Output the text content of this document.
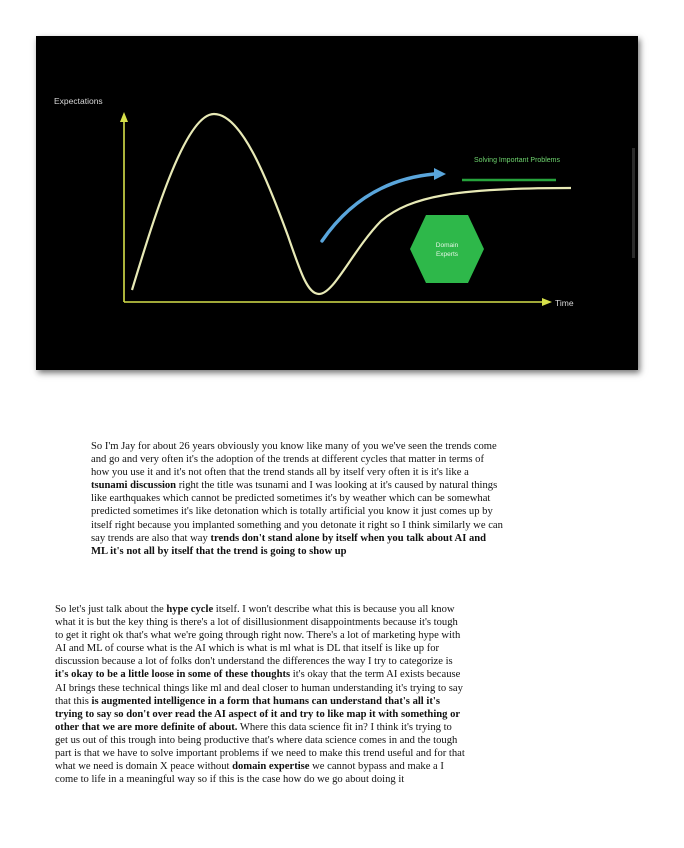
Expectations
Time
Solving Important Problems
Domain
Experts
So I'm Jay for about 26 years obviously you know like many of you we've seen the trends come
and go and very often it's the adoption of the trends at different cycles that matter in terms of
how you use it and it's not often that the trend stands all by itself very often it is it's like a
tsunami discussion right the title was tsunami and I was looking at it's caused by natural things
like earthquakes which cannot be predicted sometimes it's by weather which can be somewhat
predicted sometimes it's like detonation which is totally artificial you know it just comes up by
itself right because you implanted something and you detonate it right so I think similarly we can
say trends are also that way trends don't stand alone by itself when you talk about AI and
ML it's not all by itself that the trend is going to show up
So let's just talk about the hype cycle itself. I won't describe what this is because you all know
what it is but the key thing is there's a lot of disillusionment disappointments because it's tough
to get it right ok that's what we're going through right now. There's a lot of marketing hype with
AI and ML of course what is the AI which is what is ml what is DL that itself is like up for
discussion because a lot of folks don't understand the differences the way I try to categorize is
it's okay to be a little loose in some of these thoughts it's okay that the term AI exists because
AI brings these technical things like ml and deal closer to human understanding it's trying to say
that this is augmented intelligence in a form that humans can understand that's all it's
trying to say so don't over read the AI aspect of it and try to like map it with something or
other that we are more definite of about. Where this data science fit in? I think it's trying to
get us out of this trough into being productive that's where data science comes in and the tough
part is that we have to solve important problems if we need to make this trend useful and for that
what we need is domain X peace without domain expertise we cannot bypass and make a I
come to life in a meaningful way so if this is the case how do we go about doing it
